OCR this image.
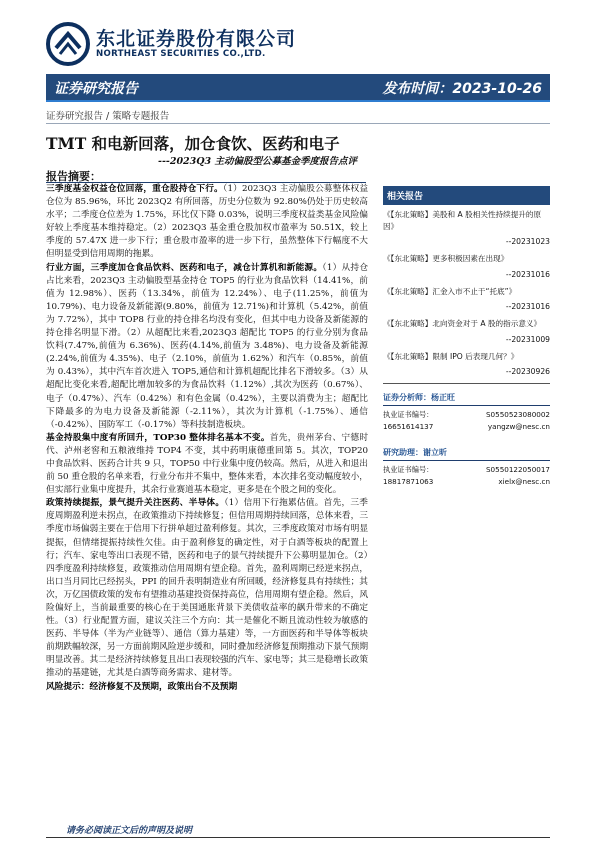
东北证券股份有限公司
NORTHEAST SECURITIES CO.,LTD.
证券研究报告	发布时间：2023-10-26
证券研究报告 / 策略专题报告
TMT 和电新回落，加仓食饮、医药和电子
---2023Q3 主动偏股型公募基金季度报告点评
报告摘要：

三季度基金权益仓位回落，重仓股持仓下行。（1）2023Q3 主动偏股公募整体权益仓位为 85.96%，环比 2023Q2 有所回落，历史分位数为 92.80%仍处于历史较高水平；二季度仓位差为 1.75%，环比仅下降 0.03%，说明三季度权益类基金风险偏好较上季度基本维持稳定。（2）2023Q3 基金重仓股加权市盈率为 50.51X，较上季度的 57.47X 进一步下行；重仓股市盈率的进一步下行，虽然整体下行幅度不大但明显受到信用周期的拖累。

行业方面，三季度加仓食品饮料、医药和电子，减仓计算机和新能源。（1）从持仓占比来看，2023Q3 主动偏股型基金持仓 TOP5 的行业为食品饮料（14.41%，前值为 12.98%）、医药（13.34%，前值为 12.24%）、电子(11.25%，前值为 10.79%)、电力设备及新能源(9.80%，前值为 12.71%)和计算机（5.42%，前值为 7.72%），其中 TOP8 行业的持仓排名均没有变化，但其中电力设备及新能源的持仓排名明显下滑。（2）从超配比来看,2023Q3 超配比 TOP5 的行业分别为食品饮料(7.47%,前值为 6.36%)、医药(4.14%,前值为 3.48%)、电力设备及新能源(2.24%,前值为 4.35%)、电子（2.10%，前值为 1.62%）和汽车（0.85%，前值为 0.43%），其中汽车首次进入 TOP5,通信和计算机超配比排名下滑较多。（3）从超配比变化来看,超配比增加较多的为食品饮料（1.12%）,其次为医药（0.67%）、电子（0.47%）、汽车（0.42%）和有色金属（0.42%），主要以消费为主；超配比下降最多的为电力设备及新能源（-2.11%），其次为计算机（-1.75%）、通信（-0.42%）、国防军工（-0.17%）等科技制造板块。

基金持股集中度有所回升，TOP30 整体排名基本不变。首先，贵州茅台、宁德时代、泸州老窖和五粮液维持 TOP4 不变，其中药明康德重回第 5。其次，TOP20 中食品饮料、医药合计共 9 只，TOP50 中行业集中度仍较高。然后，从进入和退出前 50 重仓股的名单来看，行业分布并不集中，整体来看，本次排名变动幅度较小，但实部行业集中度提升，其余行业赛道基本稳定，更多是在个股之间的变化。

政策持续提振，景气提升关注医药、半导体。（1）信用下行拖累估值。首先，三季度周期盈利逆未拐点，在政策推动下持续修复；但信用周期持续回落，总体来看，三季度市场偏弱主要在于信用下行拼单超过盈利修复。其次，三季度政策对市场有明显提振，但情绪提振持续性欠佳。由于盈利修复的确定性，对于白酒等板块的配置上行；汽车、家电等出口表现不错，医药和电子的景气持续提升下公募明显加仓。（2）四季度盈利持续修复，政策推动信用周期有望企稳。首先，盈利周期已经逆来拐点，出口当月同比已经拐头，PPI 的回升表明制造业有所回暖，经济修复具有持续性；其次，万亿国债政策的发布有望推动基建投资保持高位，信用周期有望企稳。然后，风险偏好上，当前最重要的核心在于美国通胀背景下美债收益率的飙升带来的不确定性。（3）行业配置方面，建议关注三个方向：其一是催化不断且流动性较为敏感的医药、半导体（半为产业链等）、通信（算力基建）等，一方面医药和半导体等板块前期跌幅较深，另一方面前期风险逆步缓和，同时叠加经济修复预期推动下景气预期明显改善。其二是经济持续修复且出口表现较强的汽车、家电等；其三是稳增长政策推动的基建链，尤其是白酒等商务需求、建材等。

风险提示：经济修复不及预期，政策出台不及预期

相关报告
《【东北策略】美股和 A 股相关性持续提升的原因》
--20231023
《【东北策略】更多积极因素在出现》
--20231016
《【东北策略】汇金入市不止于“托底”》
--20231016
《【东北策略】北向资金对于 A 股的指示意义》
--20231009
《【东北策略】限制 IPO 后表现几何？》
--20230926
证券分析师：杨正旺
执业证书编号：	S0550523080002
16651614137	yangzw@nesc.cn
研究助理：谢立昕
执业证书编号：	S0550122050017
18817871063	xielx@nesc.cn
请务必阅读正文后的声明及说明
